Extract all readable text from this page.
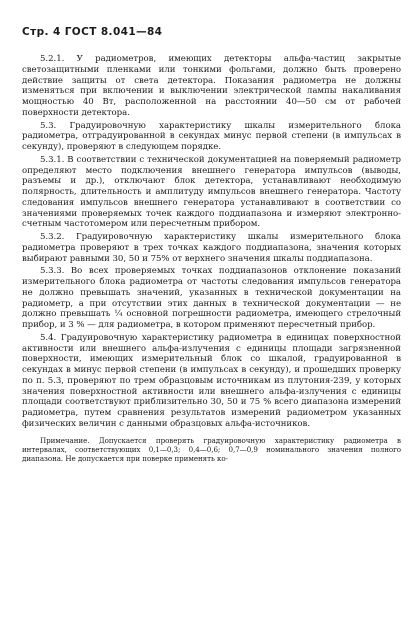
Стр. 4 ГОСТ 8.041—84

5.2.1. У радиометров, имеющих детекторы альфа-частиц закрытые светозащитными пленками или тонкими фольгами, должно быть проверено действие защиты от света детектора. Показания радиометра не должны изменяться при включении и выключении электрической лампы накаливания мощностью 40 Вт, расположенной на расстоянии 40—50 см от рабочей поверхности детектора.

5.3. Градуировочную характеристику шкалы измерительного блока радиометра, отградуированной в секундах минус первой степени (в импульсах в секунду), проверяют в следующем порядке.

5.3.1. В соответствии с технической документацией на поверяемый радиометр определяют место подключения внешнего генератора импульсов (выводы, разъемы и др.), отключают блок детектора, устанавливают необходимую полярность, длительность и амплитуду импульсов внешнего генератора. Частоту следования импульсов внешнего генератора устанавливают в соответствии со значениями проверяемых точек каждого поддиапазона и измеряют электронно-счетным частотомером или пересчетным прибором.

5.3.2. Градуировочную характеристику шкалы измерительного блока радиометра проверяют в трех точках каждого поддиапазона, значения которых выбирают равными 30, 50 и 75% от верхнего значения шкалы поддиапазона.

5.3.3. Во всех проверяемых точках поддиапазонов отклонение показаний измерительного блока радиометра от частоты следования импульсов генератора не должно превышать значений, указанных в технической документации на радиометр, а при отсутствии этих данных в технической документации — не должно превышать ¼ основной погрешности радиометра, имеющего стрелочный прибор, и 3 % — для радиометра, в котором применяют пересчетный прибор.

5.4. Градуировочную характеристику радиометра в единицах поверхностной активности или внешнего альфа-излучения с единицы площади загрязненной поверхности, имеющих измерительный блок со шкалой, градуированной в секундах в минус первой степени (в импульсах в секунду), и прошедших проверку по п. 5.3, проверяют по трем образцовым источникам из плутония-239, у которых значения поверхностной активности или внешнего альфа-излучения с единицы площади соответствуют приблизительно 30, 50 и 75 % всего диапазона измерений радиометра, путем сравнения результатов измерений радиометром указанных физических величин с данными образцовых альфа-источников.

Примечание. Допускается проверять градуировочную характеристику радиометра в интервалах, соответствующих 0,1—0,3; 0,4—0,6; 0,7—0,9 номинального значения полного диапазона. Не допускается при поверке применять ко-
